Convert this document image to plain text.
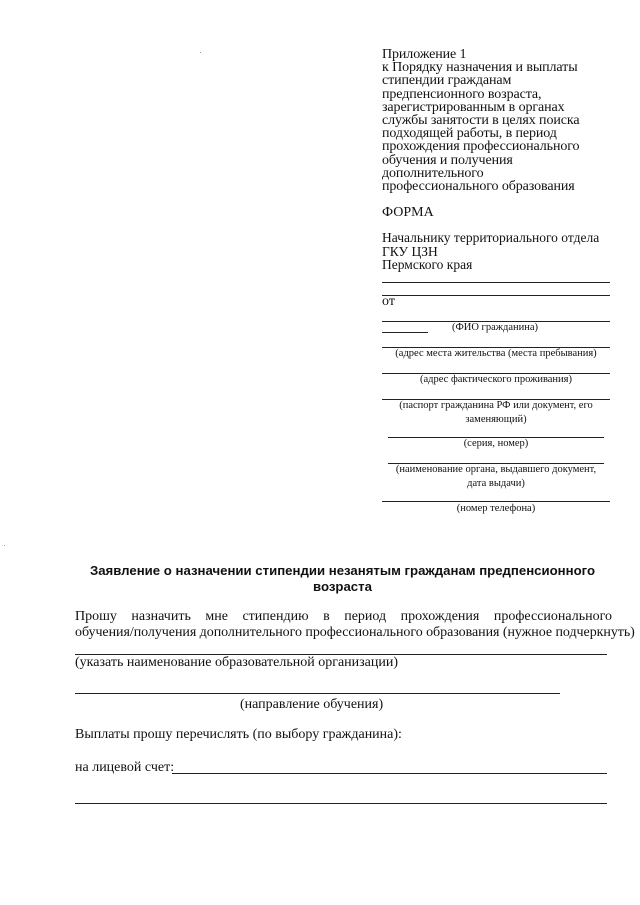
Приложение 1
к Порядку назначения и выплаты
стипендии гражданам
предпенсионного возраста,
зарегистрированным в органах
службы занятости в целях поиска
подходящей работы, в период
прохождения профессионального
обучения и получения
дополнительного
профессионального образования
ФОРМА
Начальнику территориального отдела
ГКУ ЦЗН
Пермского края
от
(ФИО гражданина)
(адрес места жительства (места пребывания)
(адрес фактического проживания)
(паспорт гражданина РФ или документ, его
заменяющий)
(серия, номер)
(наименование органа, выдавшего документ,
дата выдачи)
(номер телефона)
Заявление о назначении стипендии незанятым гражданам предпенсионного
возраста
Прошу назначить мне стипендию в период прохождения профессионального
обучения/получения дополнительного профессионального образования (нужное подчеркнуть)
(указать наименование образовательной организации)
(направление обучения)
Выплаты прошу перечислять (по выбору гражданина):
на лицевой счет:
